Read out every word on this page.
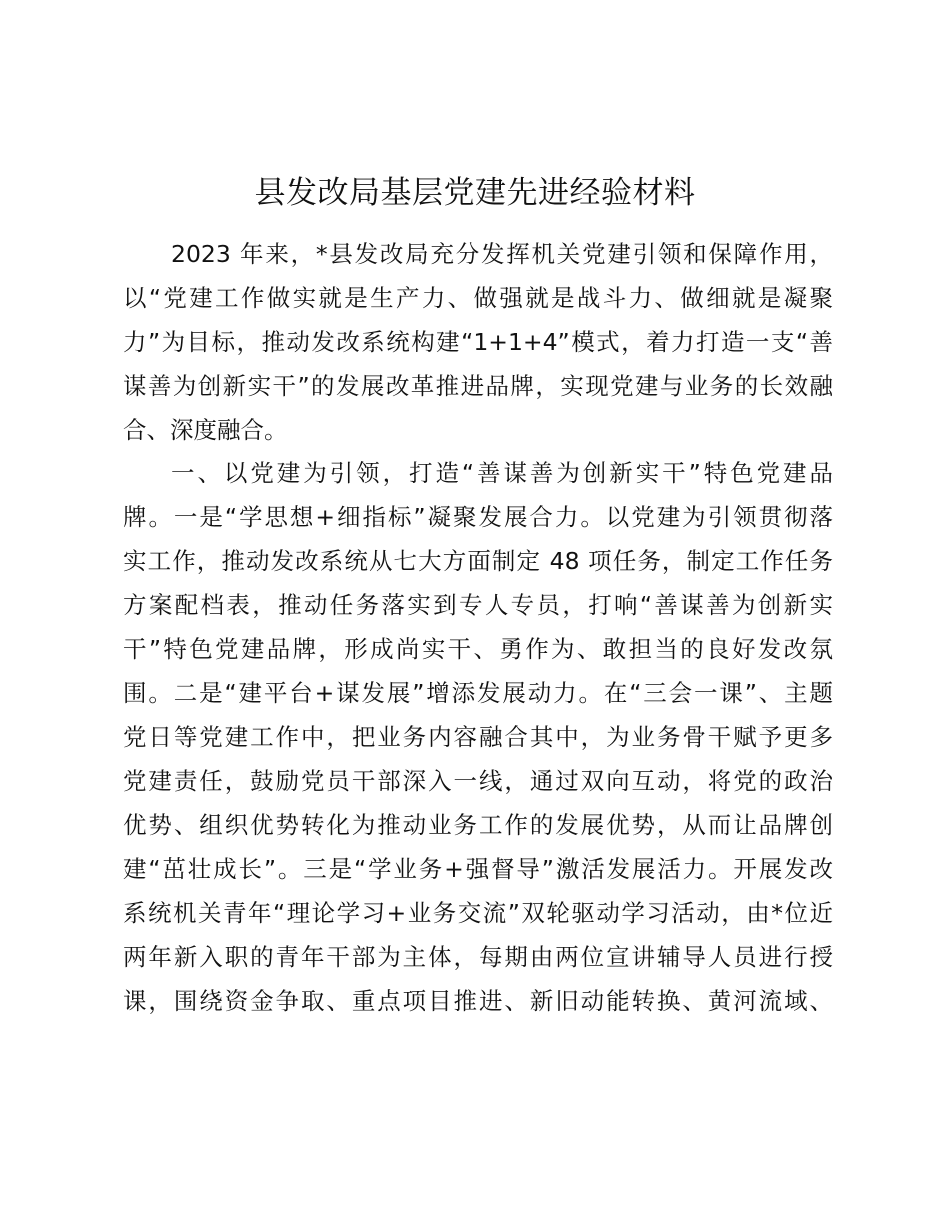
县发改局基层党建先进经验材料

2023 年来，*县发改局充分发挥机关党建引领和保障作用，

以“党建工作做实就是生产力、做强就是战斗力、做细就是凝聚

力”为目标，推动发改系统构建“1+1+4”模式，着力打造一支“善

谋善为创新实干”的发展改革推进品牌，实现党建与业务的长效融

合、深度融合。

一、以党建为引领，打造“善谋善为创新实干”特色党建品

牌。一是“学思想+细指标”凝聚发展合力。以党建为引领贯彻落

实工作，推动发改系统从七大方面制定 48 项任务，制定工作任务

方案配档表，推动任务落实到专人专员，打响“善谋善为创新实

干”特色党建品牌，形成尚实干、勇作为、敢担当的良好发改氛

围。二是“建平台+谋发展”增添发展动力。在“三会一课”、主题

党日等党建工作中，把业务内容融合其中，为业务骨干赋予更多

党建责任，鼓励党员干部深入一线，通过双向互动，将党的政治

优势、组织优势转化为推动业务工作的发展优势，从而让品牌创

建“茁壮成长”。三是“学业务+强督导”激活发展活力。开展发改

系统机关青年“理论学习+业务交流”双轮驱动学习活动，由*位近

两年新入职的青年干部为主体，每期由两位宣讲辅导人员进行授

课，围绕资金争取、重点项目推进、新旧动能转换、黄河流域、
